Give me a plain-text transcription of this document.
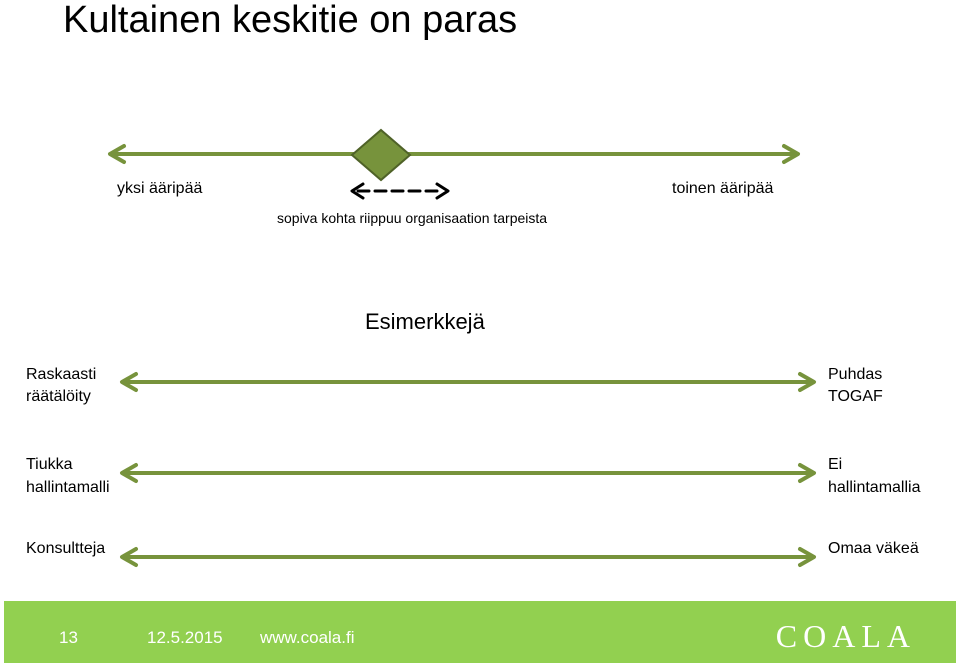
Kultainen keskitie on paras
yksi ääripää	toinen ääripää
sopiva kohta riippuu organisaation tarpeista
Esimerkkejä
Raskaasti
räätälöity
Puhdas
TOGAF
Tiukka
hallintamalli
Ei
hallintamallia
Konsultteja	Omaa väkeä
13	12.5.2015 www.coala.fi	COALA
